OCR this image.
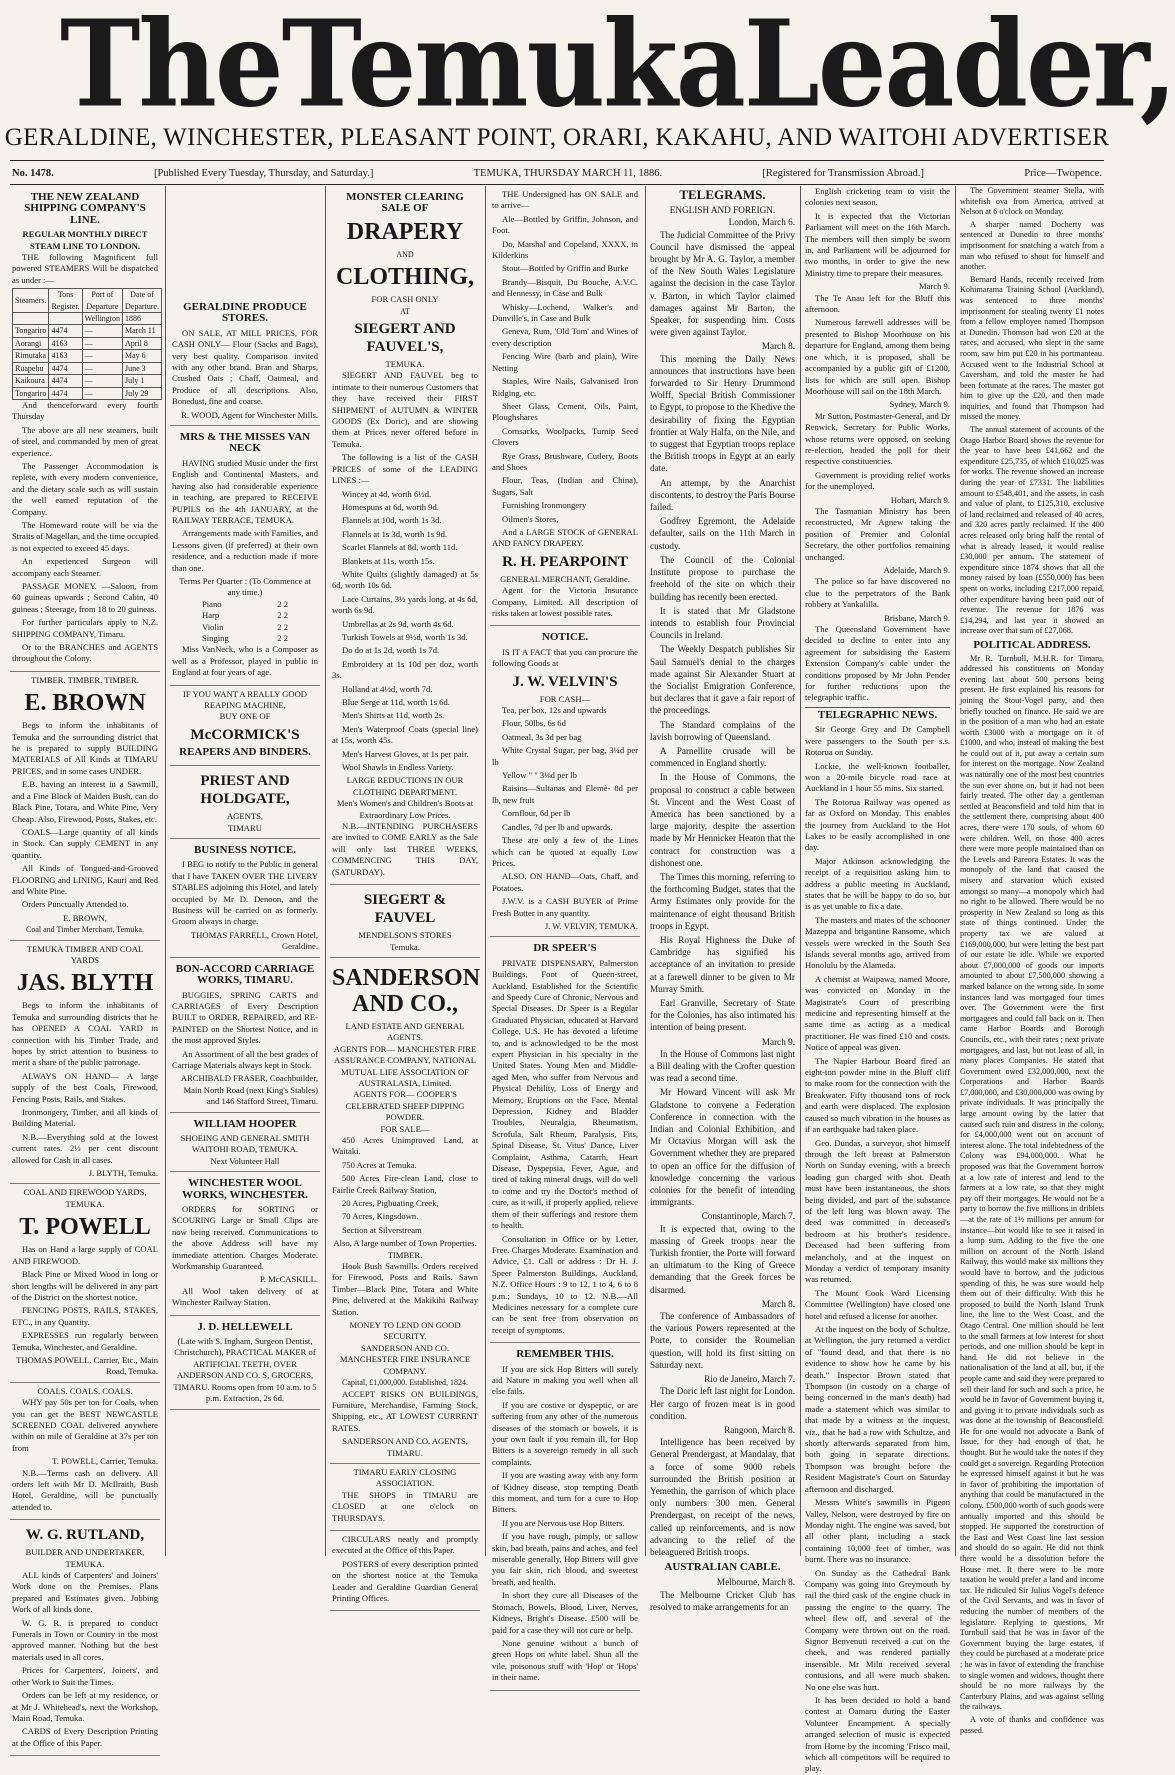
The Temuka Leader,
GERALDINE, WINCHESTER, PLEASANT POINT, ORARI, KAKAHU, AND WAITOHI ADVERTISER
No. 1478.	[Published Every Tuesday, Thursday, and Saturday.]	TEMUKA, THURSDAY MARCH 11, 1886.	[Registered for Transmission Abroad.]	Price—Twopence.
THE NEW ZEALAND SHIPPING COMPANY'S LINE.
REGULAR MONTHLY DIRECT STEAM LINE TO LONDON.
THE following Magnificent full powered STEAMERS Will be dispatched as under :—
Steamers.	Tons Register.	Port of Departure	Date of Departure.
		Wellington	1886
Tongariro	4474	—	March 11
Aorangi	4163	—	April 8
Rimutaka	4163	—	May 6
Ruapehu	4474	—	June 3
Kaikoura	4474	—	July 1
Tongariro	4474	—	July 29
And thenceforward every fourth Thursday
The above are all new steamers, built of steel, and commanded by men of great experience.
The Passenger Accommodation is replete, with every modern convenience, and the dietary scale such as will sustain the well earned reputation of the Company.
The Homeward route will be via the Straits of Magellan, and the time occupied is not expected to exceed 45 days.
An experienced Surgeon will accompany each Steamer.
PASSAGE MONEY. —Saloon, from 60 guineas upwards ; Second Cabin, 40 guineas ; Steerage, from 18 to 20 guineas.
For further particulars apply to N.Z. SHIPPING COMPANY, Timaru.
Or to the BRANCHES and AGENTS throughout the Colony.
TIMBER. TIMBER. TIMBER.
E. BROWN
Begs to inform the inhabitants of Temuka and the surrounding district that he is prepared to supply BUILDING MATERIALS of All Kinds at TIMARU PRICES, and in some cases UNDER.
E.B. having an interest in a Sawmill, and a Fine Block of Maiden Bush, can do Black Pine, Totara, and White Pine, Very Cheap. Also, Firewood, Posts, Stakes, etc.
COALS—Large quantity of all kinds in Stock. Can supply CEMENT in any quantity.
All Kinds of Tongued-and-Grooved FLOORING and LINING, Kauri and Red and White Pine.
Orders Punctually Attended to.
E. BROWN,
Coal and Timber Merchant, Temuka.
TEMUKA TIMBER AND COAL YARDS
JAS. BLYTH
Begs to inform the inhabitants of Temuka and surrounding districts that he has OPENED A COAL YARD in connection with his Timber Trade, and hopes by strict attention to business to merit a share of the public patronage.
ALWAYS ON HAND— A large supply of the best Coals, Firewood, Fencing Posts, Rails, and Stakes.
Ironmongery, Timber, and all kinds of Building Material.
N.B.—Everything sold at the lowest current rates. 2½ per cent discount allowed for Cash in all cases.
J. BLYTH, Temuka.
COAL AND FIREWOOD YARDS, TEMUKA.
T. POWELL
Has on Hand a large supply of COAL AND FIREWOOD.
Black Pine or Mixed Wood in long or short lengths will be delivered in any part of the District on the shortest notice.
FENCING POSTS, RAILS, STAKES, ETC., in any Quantity.
EXPRESSES run regularly between Temuka, Winchester, and Geraldine.
THOMAS POWELL. Carrier, Etc., Main Road, Temuka.
COALS. COALS. COALS.
WHY pay 50s per ton for Coals, when you can get the BEST NEWCASTLE SCREENED COAL delivered anywhere within on mile of Geraldine at 37s per ton from
T. POWELL, Carrier, Temuka.
N.B.—Terms cash on delivery. All orders left with Mr D. McIlraith, Bush Hotel, Geraldine, will be punctually attended to.
W. G. RUTLAND,
BUILDER AND UNDERTAKER, TEMUKA.
ALL kinds of Carpenters' and Joiners' Work done on the Premises. Plans prepared and Estimates given. Jobbing Work of all kinds done.
W. G. R. is prepared to conduct Funerals in Town or Country in the most approved manner. Nothing but the best materials used in all cores.
Prices for Carpenters', Joiners', and other Work to Suit the Times.
Orders can be left at my residence, or at Mr J. Whitehead's, next the Workshop, Main Road, Temuka.
CARDS of Every Description Printing at the Office of this Paper.
GERALDINE PRODUCE STORES.
ON SALE, AT MILL PRICES, FOR CASH ONLY— Flour (Sacks and Bags), very best quality. Comparison invited with any other brand. Bran and Sharps, Crushed Oats ; Chaff, Oatmeal, and Produce of all descriptions. Also, Bonedust, fine and coarse.
R. WOOD, Agent for Winchester Mills.
MRS & THE MISSES VAN NECK
HAVING studied Music under the first English and Continental Masters, and having also had considerable experience in teaching, are prepared to RECEIVE PUPILS on the 4th JANUARY, at the RAILWAY TERRACE, TEMUKA.
Arrangements made with Families, and Lessons given (if preferred) at their own residence, and a reduction made if more than one.
Terms Per Quarter : (To Commence at any time.)
Piano	2 2
Harp	2 2
Violin	2 2
Singing	2 2
Miss VanNeck, who is a Composer as well as a Professor, played in public in England at four years of age.
IF YOU WANT A REALLY GOOD REAPING MACHINE,
BUY ONE OF
McCORMICK'S
REAPERS AND BINDERS.
PRIEST AND HOLDGATE,
AGENTS,
TIMARU
BUSINESS NOTICE.
I BEG to notify to the Public in general that I have TAKEN OVER THE LIVERY STABLES adjoining this Hotel, and lately occupied by Mr D. Denoon, and the Business will be carried on as formerly. Groom always in charge.
THOMAS FARRELL, Crown Hotel, Geraldine.
BON-ACCORD CARRIAGE WORKS, TIMARU.
BUGGIES, SPRING CARTS and CARRIAGES of Every Description BUILT to ORDER, REPAIRED, and RE-PAINTED on the Shortest Notice, and in the most approved Styles.
An Assortment of all the best grades of Carriage Materials always kept in Stock.
ARCHIBALD FRASER, Coachbuilder, Main North Road (next King's Stables) and 146 Stafford Street, Timaru.
WILLIAM HOOPER
SHOEING AND GENERAL SMITH WAITOHI ROAD, TEMUKA.
Next Volunteer Hall
WINCHESTER WOOL WORKS, WINCHESTER.
ORDERS for SORTING or SCOURING Large or Small Clips are now being received. Communications to the above Address will have my immediate attention. Charges Moderate. Workmanship Guaranteed.
P. McCASKILL.
All Wool taken delivery of at Winchester Railway Station.
J. D. HELLEWELL
(Late with S. Ingham, Surgeon Dentist, Christchurch), PRACTICAL MAKER of ARTIFICIAL TEETH, OVER ANDERSON AND CO. S, GROCERS, TIMARU. Rooms open from 10 a.m. to 5 p.m. Extraction, 2s 6d.
MONSTER CLEARING SALE OF
DRAPERY
AND
CLOTHING,
FOR CASH ONLY
AT
SIEGERT AND FAUVEL'S,
TEMUKA.
SIEGERT AND FAUVEL beg to intimate to their numerous Customers that they have received their FIRST SHIPMENT of AUTUMN & WINTER GOODS (Ex Doric), and are showing them at Prices never offered before in Temuka.
The following is a list of the CASH PRICES of some of the LEADING LINES :—
Wincey at 4d, worth 6½d.
Homespuns at 6d, worth 9d.
Flannels at 10d, worth 1s 3d.
Flannels at 1s 3d, worth 1s 9d.
Scarlet Flannels at 8d, worth 11d.
Blankets at 11s, worth 15s.
White Quilts (slightly damaged) at 5s 6d, worth 10s 6d.
Lace Curtains, 3½ yards long, at 4s 6d, worth 6s 9d.
Umbrellas at 2s 9d, worth 4s 6d.
Turkish Towels at 9½d, worth 1s 3d.
Do do at 1s 2d, worth 1s 7d.
Embroidery at 1s 10d per doz, worth 3s.
Holland at 4½d, worth 7d.
Blue Serge at 11d, worth 1s 6d.
Men's Shirts at 11d, worth 2s.
Men's Waterproof Coats (special line) at 15s, worth 45s.
Men's Harvest Gloves, at 1s per pair.
Wool Shawls in Endless Variety.
LARGE REDUCTIONS IN OUR CLOTHING DEPARTMENT.
Men's Women's and Children's Boots at Extraordinary Low Prices.
N.B.—INTENDING PURCHASERS are invited to COME EARLY as the Sale will only last THREE WEEKS, COMMENCING THIS DAY, (SATURDAY).
SIEGERT & FAUVEL
MENDELSON'S STORES
Temuka.
SANDERSON AND CO.,
LAND ESTATE AND GENERAL AGENTS.
AGENTS FOR— MANCHESTER FIRE ASSURANCE COMPANY, NATIONAL MUTUAL LIFE ASSOCIATION OF AUSTRALASIA, Limited.
AGENTS FOR— COOPER'S CELEBRATED SHEEP DIPPING POWDER.
FOR SALE—
450 Acres Unimproved Land, at Waitaki.
750 Acres at Temuka.
500 Acres Fire-clean Land, close to Fairlie Creek Railway Station,
20 Acres, Pigbuating Creek,
70 Acres, Kingsdown.
Section at Silverstream
Also, A large number of Town Properties.
TIMBER.
Hook Bush Sawmills. Orders received for Firewood, Posts and Rails. Sawn Timber—Black Pine, Totara and White Pine, delivered at the Makikihi Railway Station.
MONEY TO LEND ON GOOD SECURITY.
SANDERSON AND CO.
MANCHESTER FIRE INSURANCE COMPANY.
Capital, £1,000,000. Established, 1824.
ACCEPT RISKS ON BUILDINGS, Furniture, Merchandise, Farming Stock, Shipping, etc., AT LOWEST CURRENT RATES.
SANDERSON AND CO. AGENTS, TIMARU.
TIMARU EARLY CLOSING ASSOCIATION.
THE SHOPS in TIMARU are CLOSED at one o'clock on THURSDAYS.
CIRCULARS neatly and promptly executed at the Office of this Paper.
POSTERS of every description printed on the shortest notice at the Temuka Leader and Geraldine Guardian General Printing Offices.
THE Undersigned has ON SALE and to arrive—
Ale—Bottled by Griffin, Johnson, and Foot.
Do, Marshal and Copeland, XXXX, in Kilderkins
Stout—Bottled by Griffin and Burke
Brandy—Bisquit, Du Bouche, A.V.C. and Hennessy, in Case and Bulk
Whisky—Lochend, Walker's and Dunville's, in Case and Bulk
Geneva, Rum, 'Old Tom' and Wines of every description
Fencing Wire (barb and plain), Wire Netting
Staples, Wire Nails, Galvanised Iron Ridging, etc.
Sheet Glass, Cement, Oils, Paint, Ploughshares
Cornsacks, Woolpacks, Turnip Seed Clovers
Rye Grass, Brushware, Cutlery, Boots and Shoes
Flour, Teas, (Indian and China), Sugars, Salt
Furnishing Ironmongery
Oilmen's Stores,
And a LARGE STOCK of GENERAL AND FANCY DRAPERY.
R. H. PEARPOINT
GENERAL MERCHANT, Geraldine.
Agent for the Victoria Insurance Company, Limited. All description of risks taken at lowest possible rates.
NOTICE.
IS IT A FACT that you can procure the following Goods at
J. W. VELVIN'S
FOR CASH—
Tea, per box, 12s and upwards
Flour, 50lbs, 6s 6d
Oatmeal, 3s 3d per bag
White Crystal Sugar, per bag, 3¼d per lb
Yellow " " 3⅛d per lb
Raisins—Sultanas and Elemè- 8d per lb, new fruit
Cornflour, 6d per lb
Candles, 7d per lb and upwards.
These are only a few of the Lines which can be quoted at equally Low Prices.
ALSO, ON HAND—Oats, Chaff, and Potatoes.
J.W.V. is a CASH BUYER of Prime Fresh Butter in any quantity.
J. W. VELVIN, TEMUKA.
DR SPEER'S
PRIVATE DISPENSARY, Palmerston Buildings, Foot of Queen-street, Auckland. Established for the Scientific and Speedy Cure of Chronic, Nervous and Special Diseases. Dr Speer is a Regular Graduated Physician, educated at Harvard College, U.S. He has devoted a lifetime to, and is acknowledged to be the most expert Physician in his specialty in the United States. Young Men and Middle-aged Men, who suffer from Nervous and Physical Debility, Loss of Energy and Memory, Eruptions on the Face, Mental Depression, Kidney and Bladder Troubles, Neuralgia, Rheumatism, Scrofula, Salt Rheum, Paralysis, Fits, Spinal Disease, St. Vitus' Dance, Liver Complaint, Asthma, Catarrh, Heart Disease, Dyspepsia, Fever, Ague, and tired of taking mineral drugs, will do well to come and try the Doctor's method of cure, as it will, if properly applied, relieve them of their sufferings and restore them to health.
Consultation in Office or by Letter, Free. Charges Moderate. Examination and Advice, £1. Call or address : Dr H. J. Speer Palmerston Buildings, Auckland, N.Z. Office Hours : 9 to 12, 1 to 4, 6 to 8 p.m.; Sundays, 10 to 12. N.B.—All Medicines necessary for a complete cure can be sent free from observation on receipt of symptoms.
REMEMBER THIS.
If you are sick Hop Bitters will surely aid Nature in making you well when all else fails.
If you are costive or dyspeptic, or are suffering from any other of the numerous diseases of the stomach or bowels, it is your own fault if you remain ill, for Hop Bitters is a sovereign remedy in all such complaints.
If you are wasting away with any form of Kidney disease, stop tempting Death this moment, and turn for a cure to Hop Bitters.
If you are Nervous use Hop Bitters.
If you have rough, pimply, or sallow skin, bad breath, pains and aches, and feel miserable generally, Hop Bitters will give you fair skin, rich blood, and sweetest breath, and health.
In short they cure all Diseases of the Stomach, Bowels, Blood, Liver, Nerves, Kidneys, Bright's Disease. £500 will be paid for a case they will not cure or help.
None genuine without a bunch of green Hops on white label. Shun all the vile, poisonous stuff with 'Hop' or 'Hops' in their name.
TELEGRAMS.
ENGLISH AND FOREIGN.
London, March 6.
The Judicial Committee of the Privy Council have dismissed the appeal brought by Mr A. G. Taylor, a member of the New South Wales Legislature against the decision in the case Taylor v. Barton, in which Taylor claimed damages against Mr Barton, the Speaker, for suspending him. Costs were given against Taylor.
March 8.
This morning the Daily News announces that instructions have been forwarded to Sir Henry Drummond Wolff, Special British Commissioner to Egypt, to propose to the Khedive the desirability of fixing the Egyptian frontier at Waly Halfa, on the Nile, and to suggest that Egyptian troops replace the British troops in Egypt at an early date.
An attempt, by the Anarchist discontents, to destroy the Paris Bourse failed.
Godfrey Egremont, the Adelaide defaulter, sails on the 11th March in custody.
The Council of the Colonial Institute propose to purchase the freehold of the site on which their building has recently been erected.
It is stated that Mr Gladstone intends to establish four Provincial Councils in Ireland.
The Weekly Despatch publishes Sir Saul Samuel's denial to the charges made against Sir Alexander Stuart at the Socialist Emigration Conference, but declares that it gave a fair report of the proceedings.
The Standard complains of the lavish borrowing of Queensland.
A Parnellite crusade will be commenced in England shortly.
In the House of Commons, the proposal to construct a cable between St. Vincent and the West Coast of America has been sanctioned by a large majority, despite the assertion made by Mr Hennicker Heaton that the contract for construction was a dishonest one.
The Times this morning, referring to the forthcoming Budget, states that the Army Estimates only provide for the maintenance of eight thousand British troops in Egypt.
His Royal Highness the Duke of Cambridge has signified his acceptance of an invitation to preside at a farewell dinner to be given to Mr Murray Smith.
Earl Granville, Secretary of State for the Colonies, has also intimated his intention of being present.
March 9.
In the House of Commons last night a Bill dealing with the Crofter question was read a second time.
Mr Howard Vincent will ask Mr Gladstone to convene a Federation Conference in connection with the Indian and Colonial Exhibition, and Mr Octavius Morgan will ask the Government whether they are prepared to open an office for the diffusion of knowledge concerning the various colonies for the benefit of intending immigrants.
Constantinople, March 7.
It is expected that, owing to the massing of Greek troops near the Turkish frontier, the Porte will forward an ultimatum to the King of Greece demanding that the Greek forces be disarmed.
March 8.
The conference of Ambassadors of the various Powers represented at the Porte, to consider the Roumelian question, will hold its first sitting on Saturday next.
Rio de Janeiro, March 7.
The Doric left last night for London. Her cargo of frozen meat is in good condition.
Rangoon, March 8.
Intelligence has been received by General Prendergast, at Mandalay, that a force of some 9000 rebels surrounded the British position at Yemethin, the garrison of which place only numbers 300 men. General Prendergast, on receipt of the news, called up reinforcements, and is now advancing to the relief of the beleaguered British troops.
AUSTRALIAN CABLE.
Melbourne, March 8.
The Melbourne Cricket Club has resolved to make arrangements for an
English cricketing team to visit the colonies next season.
It is expected that the Victorian Parliament will meet on the 16th March. The members will then simply be sworn in, and Parliament will be adjourned for two months, in order to give the new Ministry time to prepare their measures.
March 9.
The Te Anau left for the Bluff this afternoon.
Numerous farewell addresses will be presented to Bishop Moorhouse on his departure for England, among them being one which, it is proposed, shall be accompanied by a public gift of £1200, lists for which are still open. Bishop Moorhouse will sail on the 18th March.
Sydney, March 9.
Mr Sutton, Postmaster-General, and Dr Renwick, Secretary for Public Works, whose returns were opposed, on seeking re-election, headed the poll for their respective constituencies.
Government is providing relief works for the unemployed.
Hobart, March 9.
The Tasmanian Ministry has been reconstructed, Mr Agnew taking the position of Premier and Colonial Secretary, the other portfolios remaining unchanged.
Adelaide, March 9.
The police so far have discovered no clue to the perpetrators of the Bank robbery at Yankalilla.
Brisbane, March 9.
The Queensland Government have decided to decline to enter into any agreement for subsidising the Eastern Extension Company's cable under the conditions proposed by Mr John Pender for further reductions upon the telegraphic traffic.
TELEGRAPHIC NEWS.
Sir George Grey and Dr Campbell were passengers to the South per s.s. Rotorua on Sunday.
Lockie, the well-known footballer, won a 20-mile bicycle road race at Auckland in 1 hour 55 mins. Six started.
The Rotorua Railway was opened as far as Oxford on Monday. This enables the journey from Auckland to the Hot Lakes to be easily accomplished in one day.
Major Atkinson acknowledging the receipt of a requisition asking him to address a public meeting in Auckland, states that he will be happy to do so, but is as yet unable to fix a date.
The masters and mates of the schooner Mazeppa and brigantine Ransome, which vessels were wrecked in the South Sea Islands several months ago, arrived from Honolulu by the Alameda.
A chemist at Waipawa, named Moore, was convicted on Monday in the Magistrate's Court of prescribing medicine and representing himself at the same time as acting as a medical practitioner. He was fined £10 and costs. Notice of appeal was given.
The Napier Harbour Board fired an eight-ton powder mine in the Bluff cliff to make room for the connection with the Breakwater. Fifty thousand tons of rock and earth were displaced. The explosion caused so much vibration in the houses as if an earthquake had taken place.
Geo. Dundas, a surveyor, shot himself through the left breast at Palmerston North on Sunday evening, with a breech loading gun charged with shot. Death must have been instantaneous, the shots being divided, and part of the substance of the left lung was blown away. The deed was committed in deceased's bedroom at his brother's residence. Deceased had been suffering from melancholy, and at the inquest on Monday a verdict of temporary insanity was returned.
The Mount Cook Ward Licensing Committee (Wellington) have closed one hotel and refused a license for another.
At the inquest on the body of Schultze, at Wellington, the jury returned a verdict of "found dead, and that there is no evidence to show how he came by his death." Inspector Brown stated that Thompson (in custody on a charge of being concerned in the man's death) had made a statement which was similar to that made by a witness at the inquest, viz., that he had a row with Schultze, and shortly afterwards separated from him, both going in separate directions. Thompson was brought before the Resident Magistrate's Court on Saturday afternoon and discharged.
Messrs White's sawmills in Pigeon Valley, Nelson, were destroyed by fire on Monday night. The engine was saved, but all other plant, including a stack containing 10,000 feet of timber, was burnt. There was no insurance.
On Sunday as the Cathedral Bank Company was going into Greymouth by rail the third cask of the engine chuck in passing the engine to the quarry. The wheel flew off, and several of the Company were thrown out on the road. Signor Benvenuti received a cut on the cheek, and was rendered partially insensible. Mr Miln received several contusions, and all were much shaken. No one else was hurt.
It has been decided to hold a band contest at Oamaru during the Easter Volunteer Encampment. A specially arranged selection of music is expected from Home by the incoming 'Frisco mail, which all competitors will be required to play.
The Government steamer Stella, with whitefish ova from America, arrived at Nelson at 6 o'clock on Monday.
A sharper named Docherty was sentenced at Dunedin to three months' imprisonment for snatching a watch from a man who refused to shout for himself and another.
Bernard Hands, recently received from Kohimarama Training School (Auckland), was sentenced to three months' imprisonment for stealing twenty £1 notes from a fellow employee named Thompson at Dunedin. Thomson had won £20 at the races, and accused, who slept in the same room, saw him put £20 in his portmanteau. Accused went to the Industrial School at Caversham, and told the master he had been fortunate at the races. The master got him to give up the £20, and then made inquiries, and found that Thompson had missed the money.
The annual statement of accounts of the Otago Harbor Board shows the revenue for the year to have been £41,662 and the expenditure £25,735, of which £10,025 was for works. The revenue showed an increase during the year of £7331. The liabilities amount to £548,401, and the assets, in cash and value of plant, to £125,310, exclusive of land reclaimed and released of 40 acres, and 320 acres partly reclaimed. If the 400 acres released only bring half the rental of what is already leased, it would realise £30,000 per annum. The statement of expenditure since 1874 shows that all the money raised by loan (£550,000) has been spent on works, including £217,000 repaid, other expenditure having been paid out of revenue. The revenue for 1876 was £14,294, and last year it showed an increase over that sum of £27,068.
POLITICAL ADDRESS.
Mr R. Turnbull, M.H.R. for Timaru, addressed his constituents on Monday evening last about 500 persons being present. He first explained his reasons for joining the Stout-Vogel party, and then briefly touched on finance. He said we are in the position of a man who had an estate worth £3000 with a mortgage on it of £1000, and who, instead of making the best he could out of it, put away a certain sum for interest on the mortgage. Now Zealand was naturally one of the most best countries the sun ever shone on, but it had not been fairly treated. The other day a gentleman settled at Beaconsfield and told him that in the settlement there, comprising about 400 acres, there were 170 souls, of whom 60 were children. Well, on those 400 acres there were more people maintained than on the Levels and Pareora Estates. It was the monopoly of the land that caused the misery and starvation which existed amongst so many—a monopoly which had no right to be allowed. There would be no prosperity in New Zealand so long as this state of things continued. Under the property tax we are valued at £169,000,000, but were letting the best part of our estate lie idle. While we exported about £7,000,000 of goods our imports amounted to about £7,500,000 showing a marked balance on the wrong side. In some instances land was mortgaged four times over. The Government were the first mortgagees and could fall back on it. Then came Harbor Boards and Borough Councils, etc., with their rates ; next private mortgagees, and last, but not least of all, in many places Companies. He stated that Government owed £32,000,000, next the Corporations and Harbor Boards £7,000,000, and £30,000,000 was owing by private individuals. It was principally the large amount owing by the latter that caused such ruin and distress in the colony, for £4,000,000 went out on account of interest alone. The total indebtedness of the Colony was £94,000,000. What he proposed was that the Government borrow at a low rate of interest and lend to the farmers at a low rate, so that they might pay off their mortgages. He would not be a party to borrow the five millions in driblets—at the rate of 1½ millions per annum for instance—but would like to see it raised in a lump sum. Adding to the five the one million on account of the North Island Railway, this would make six millions they would have to borrow, and the judicious spending of this, he was sure would help them out of their difficulty. With this he proposed to build the North Island Trunk line, the line to the West Coast, and the Otago Central. One million should be lent to the small farmers at low interest for short periods, and one million should be kept in hand. He did not believe in the nationalisation of the land at all, but, if the people came and said they were prepared to sell their land for such and such a price, he would be in favor of Government buying it, and giving it to private individuals such as was done at the township of Beaconsfield. He for one would not advocate a Bank of Issue, for they had enough of that, he thought. But he would take the notes if they could get a sovereign. Regarding Protection he expressed himself against it but he was in favor of prohibiting the importation of anything that could be manufactured in the colony. £500,000 worth of such goods were annually imported and this should be stopped. He supported the construction of the East and West Coast line last session and should do so again. He did not think there would be a dissolution before the House met. It there were to be more taxation he would prefer a land and income tax. He ridiculed Sir Julius Vogel's defence of the Civil Servants, and was in favor of reducing the number of members of the legislature. Replying to questions, Mr Turnbull said that he was in favor of the Government buying the large estates, if they could be purchased at a moderate price ; he was in favor of extending the franchise to single women and widows, thought there should be no more railways by the Canterbury Plains, and was against selling the railways.
A vote of thanks and confidence was passed.
